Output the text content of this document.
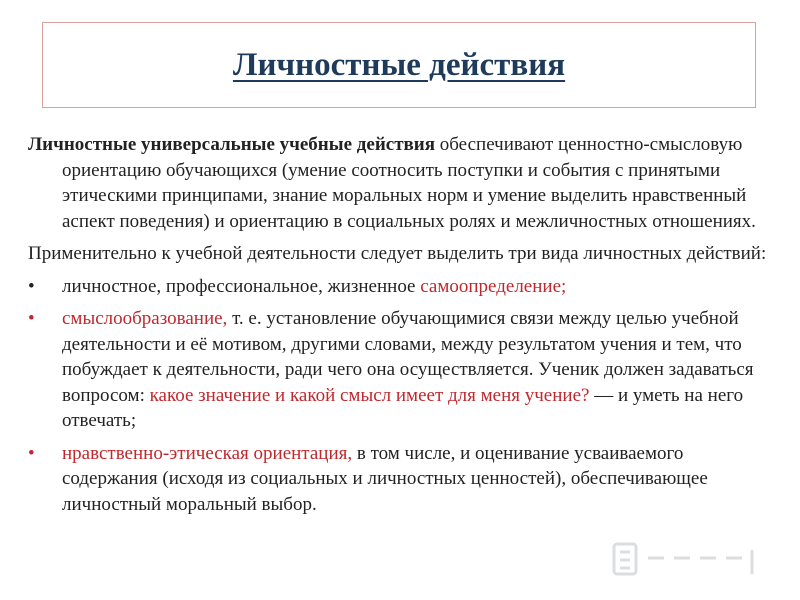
Личностные действия

Личностные универсальные учебные действия обеспечивают ценностно-смысловую ориентацию обучающихся (умение соотносить поступки и события с принятыми этическими принципами, знание моральных норм и умение выделить нравственный аспект поведения) и ориентацию в социальных ролях и межличностных отношениях.

Применительно к учебной деятельности следует выделить три вида личностных действий:

•	личностное, профессиональное, жизненное самоопределение;
•	смыслообразование, т. е. установление обучающимися связи между целью учебной деятельности и её мотивом, другими словами, между результатом учения и тем, что побуждает к деятельности, ради чего она осуществляется. Ученик должен задаваться вопросом: какое значение и какой смысл имеет для меня учение? — и уметь на него отвечать;
•	нравственно-этическая ориентация, в том числе, и оценивание усваиваемого содержания (исходя из социальных и личностных ценностей), обеспечивающее личностный моральный выбор.
